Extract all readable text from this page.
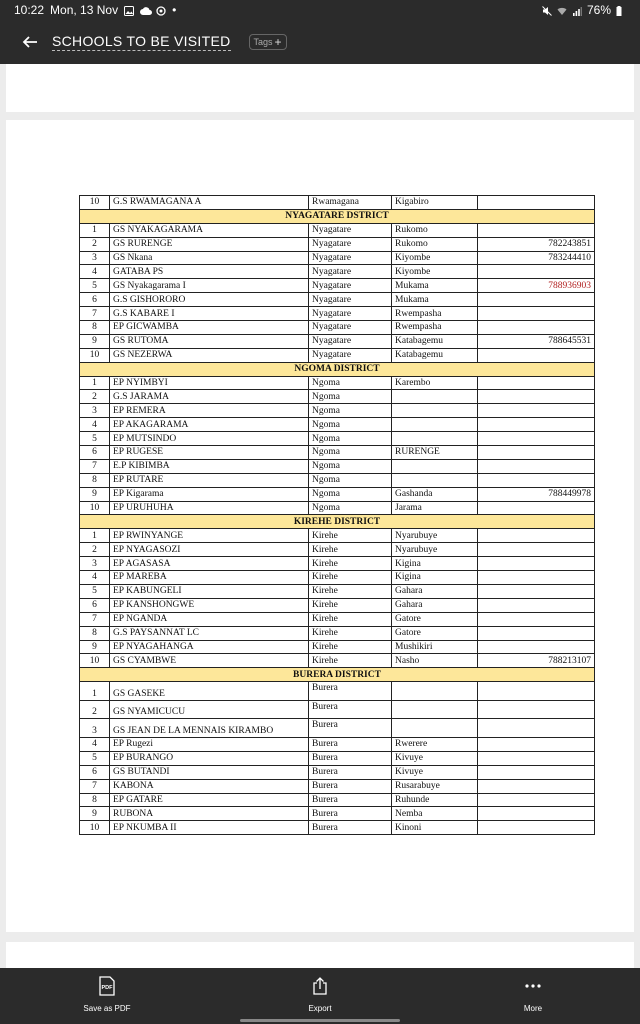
10:22 Mon, 13 Nov	•	76%
SCHOOLS TO BE VISITED	Tags +
10	G.S RWAMAGANA A	Rwamagana	Kigabiro	
NYAGATARE DSTRICT				
1	GS NYAKAGARAMA	Nyagatare	Rukomo	
2	GS RURENGE	Nyagatare	Rukomo	782243851
3	GS Nkana	Nyagatare	Kiyombe	783244410
4	GATABA PS	Nyagatare	Kiyombe	
5	GS Nyakagarama I	Nyagatare	Mukama	788936903
6	G.S GISHORORO	Nyagatare	Mukama	
7	G.S KABARE I	Nyagatare	Rwempasha	
8	EP GICWAMBA	Nyagatare	Rwempasha	
9	GS RUTOMA	Nyagatare	Katabagemu	788645531
10	GS NEZERWA	Nyagatare	Katabagemu	
NGOMA DISTRICT				
1	EP NYIMBYI	Ngoma	Karembo	
2	G.S JARAMA	Ngoma		
3	EP REMERA	Ngoma		
4	EP AKAGARAMA	Ngoma		
5	EP MUTSINDO	Ngoma		
6	EP RUGESE	Ngoma	RURENGE	
7	E.P KIBIMBA	Ngoma		
8	EP RUTARE	Ngoma		
9	EP Kigarama	Ngoma	Gashanda	788449978
10	EP URUHUHA	Ngoma	Jarama	
KIREHE DISTRICT				
1	EP RWINYANGE	Kirehe	Nyarubuye	
2	EP NYAGASOZI	Kirehe	Nyarubuye	
3	EP AGASASA	Kirehe	Kigina	
4	EP MAREBA	Kirehe	Kigina	
5	EP KABUNGELI	Kirehe	Gahara	
6	EP KANSHONGWE	Kirehe	Gahara	
7	EP NGANDA	Kirehe	Gatore	
8	G.S PAYSANNAT LC	Kirehe	Gatore	
9	EP NYAGAHANGA	Kirehe	Mushikiri	
10	GS CYAMBWE	Kirehe	Nasho	788213107
BURERA DISTRICT				
1	GS GASEKE	Burera		
2	GS NYAMICUCU	Burera		
3	GS JEAN DE LA MENNAIS KIRAMBO	Burera		
4	EP Rugezi	Burera	Rwerere	
5	EP BURANGO	Burera	Kivuye	
6	GS BUTANDI	Burera	Kivuye	
7	KABONA	Burera	Rusarabuye	
8	EP GATARE	Burera	Ruhunde	
9	RUBONA	Burera	Nemba	
10	EP NKUMBA II	Burera	Kinoni	
PDF
Save as PDF	Export	More
